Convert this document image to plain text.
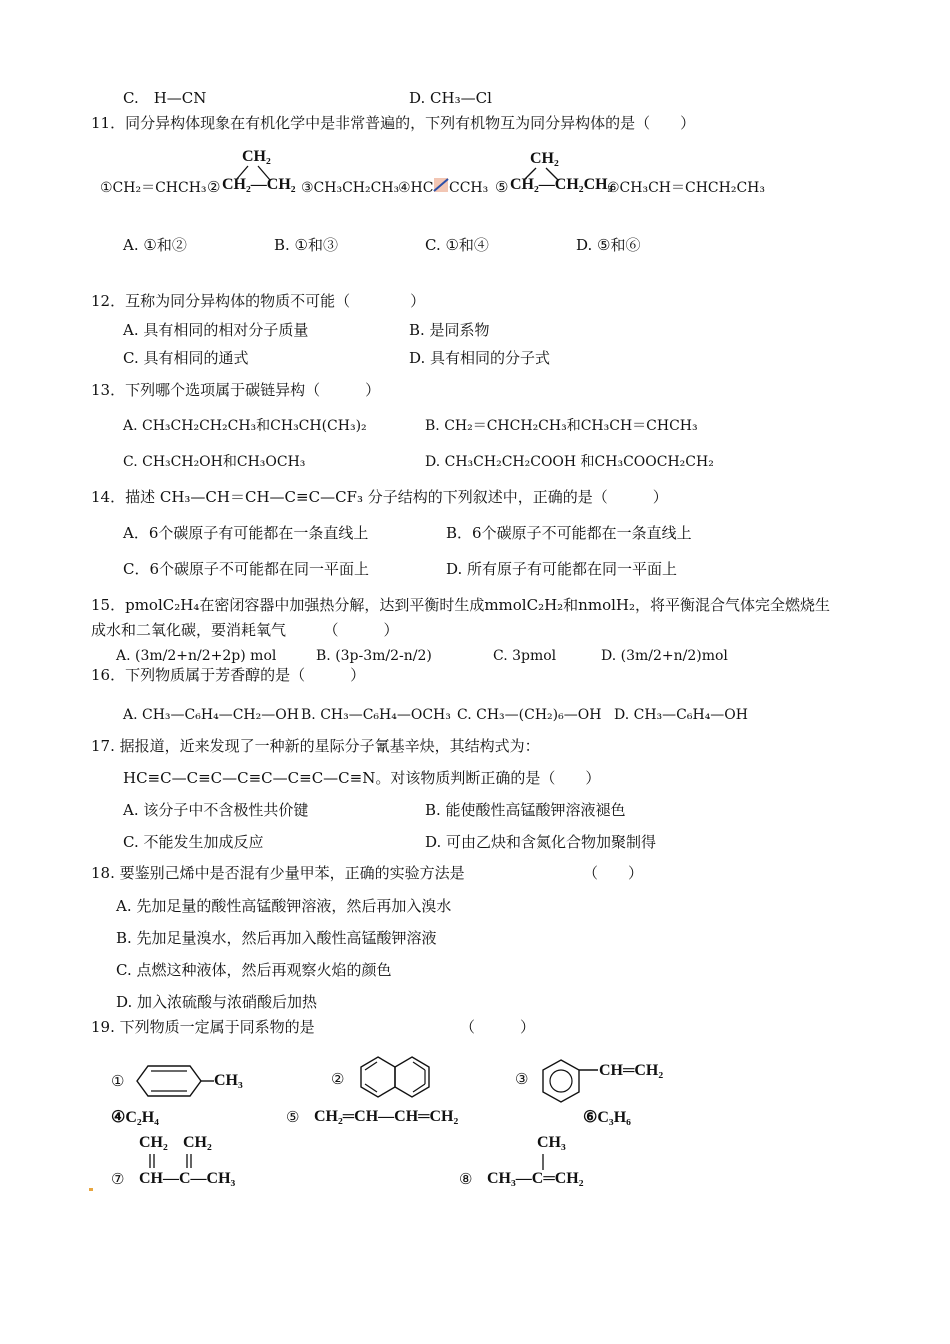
C.　H—CN	D. CH₃—Cl
11．同分异构体现象在有机化学中是非常普遍的，下列有机物互为同分异构体的是（　　）
①CH₂＝CHCH₃ ②
CH₂
CH₂—CH₂ ③CH₃CH₂CH₃
④HC CCH₃ ⑤
CH₂
CH₂—CH₂CH₃
⑥CH₃CH＝CHCH₂CH₃
A. ①和②	B. ①和③	C. ①和④	D. ⑤和⑥
12．互称为同分异构体的物质不可能（　　　　）
A. 具有相同的相对分子质量	B. 是同系物
C. 具有相同的通式	D. 具有相同的分子式
13．下列哪个选项属于碳链异构（　　　）
A. CH₃CH₂CH₂CH₃和CH₃CH(CH₃)₂	B. CH₂＝CHCH₂CH₃和CH₃CH＝CHCH₃
C. CH₃CH₂OH和CH₃OCH₃	D. CH₃CH₂CH₂COOH 和CH₃COOCH₂CH₂
14．描述 CH₃—CH＝CH—C≡C—CF₃ 分子结构的下列叙述中，正确的是（　　　）
A．6个碳原子有可能都在一条直线上	B．6个碳原子不可能都在一条直线上
C．6个碳原子不可能都在同一平面上	D. 所有原子有可能都在同一平面上
15．pmolC₂H₄在密闭容器中加强热分解，达到平衡时生成mmolC₂H₂和nmolH₂，将平衡混合气体完全燃烧生
成水和二氧化碳，要消耗氧气　　　（　　　）
A. (3m/2+n/2+2p) mol	B. (3p-3m/2-n/2)	C. 3pmol	D. (3m/2+n/2)mol
16．下列物质属于芳香醇的是（　　　）
A. CH₃—C₆H₄—CH₂—OH B. CH₃—C₆H₄—OCH₃ C. CH₃—(CH₂)₆—OH D. CH₃—C₆H₄—OH
17. 据报道，近来发现了一种新的星际分子氰基辛炔，其结构式为：
HC≡C—C≡C—C≡C—C≡C—C≡N。对该物质判断正确的是（　　）
A. 该分子中不含极性共价键	B. 能使酸性高锰酸钾溶液褪色
C. 不能发生加成反应	D. 可由乙炔和含氮化合物加聚制得
18. 要鉴别己烯中是否混有少量甲苯，正确的实验方法是	（　　）
A. 先加足量的酸性高锰酸钾溶液，然后再加入溴水
B. 先加足量溴水，然后再加入酸性高锰酸钾溶液
C. 点燃这种液体，然后再观察火焰的颜色
D. 加入浓硫酸与浓硝酸后加热
19. 下列物质一定属于同系物的是	（　　　）
①	CH₃	②	③	CH═CH₂
④C₂H₄	⑤ CH₂═CH—CH═CH₂	⑥C₃H₆
CH₂ CH₂
⑦ CH—C—CH₃
CH₃
⑧ CH₃—C═CH₂
